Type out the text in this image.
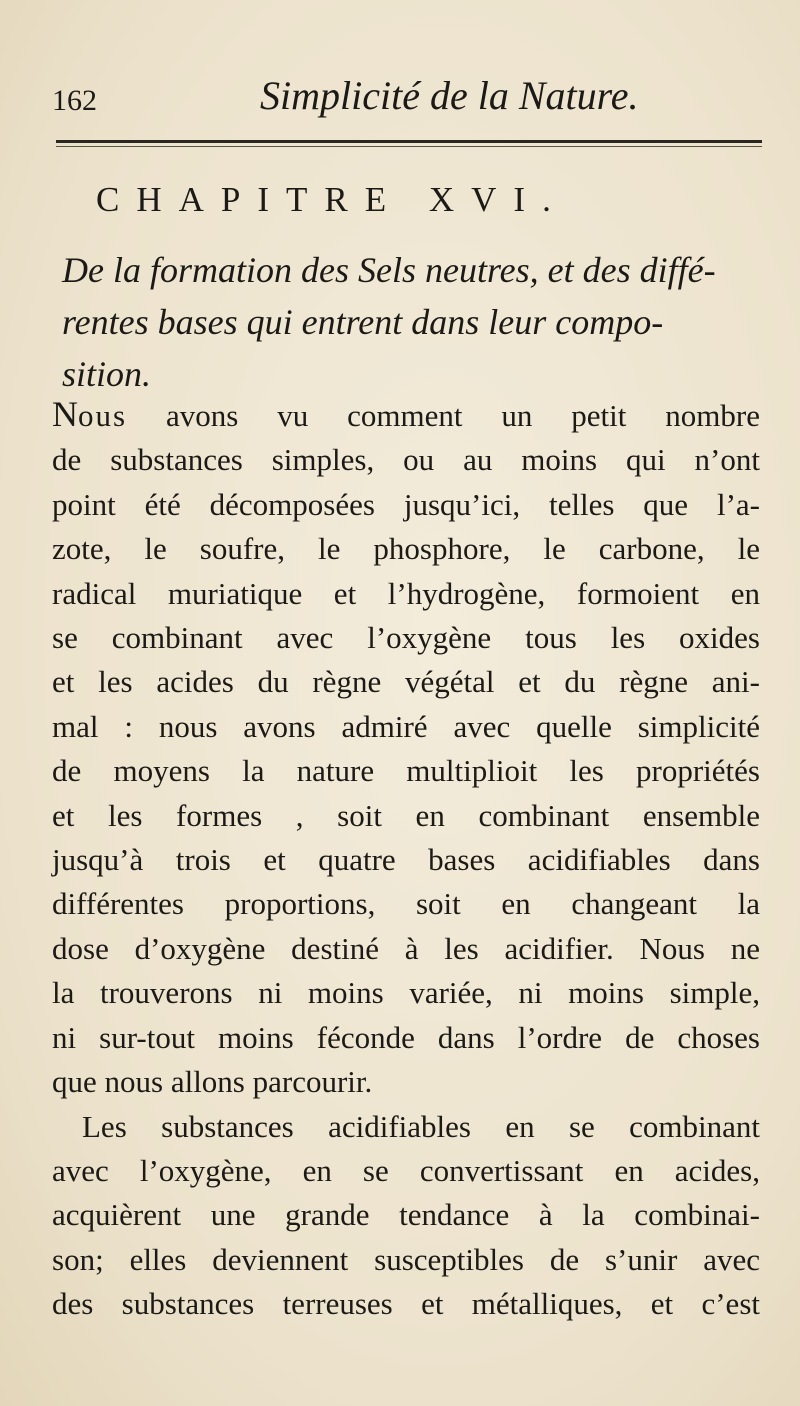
162	Simplicité de la Nature.
CHAPITRE XVI.

De la formation des Sels neutres, et des diffé-
rentes bases qui entrent dans leur compo-
sition.

Nous avons vu comment un petit nombre
de substances simples, ou au moins qui n’ont
point été décomposées jusqu’ici, telles que l’a-
zote, le soufre, le phosphore, le carbone, le
radical muriatique et l’hydrogène, formoient en
se combinant avec l’oxygène tous les oxides
et les acides du règne végétal et du règne ani-
mal : nous avons admiré avec quelle simplicité
de moyens la nature multiplioit les propriétés
et les formes , soit en combinant ensemble
jusqu’à trois et quatre bases acidifiables dans
différentes proportions, soit en changeant la
dose d’oxygène destiné à les acidifier. Nous ne
la trouverons ni moins variée, ni moins simple,
ni sur-tout moins féconde dans l’ordre de choses
que nous allons parcourir.
Les substances acidifiables en se combinant
avec l’oxygène, en se convertissant en acides,
acquièrent une grande tendance à la combinai-
son; elles deviennent susceptibles de s’unir avec
des substances terreuses et métalliques, et c’est
